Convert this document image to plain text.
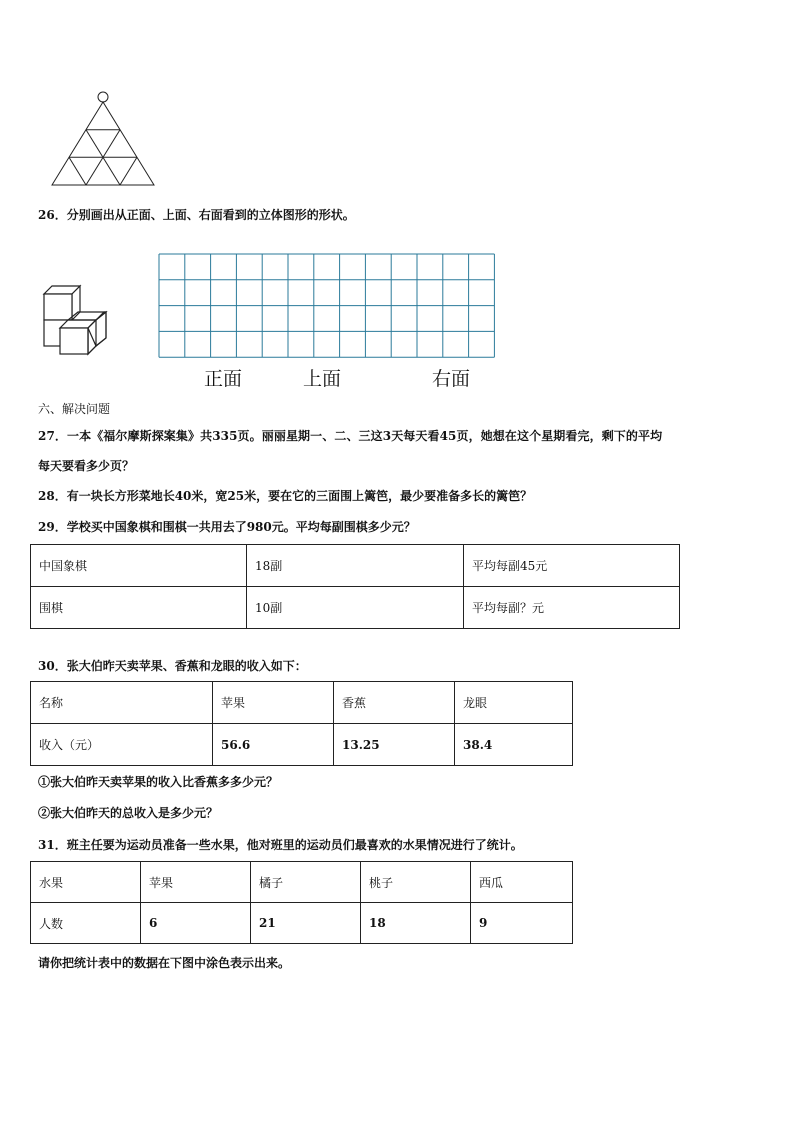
26．分别画出从正面、上面、右面看到的立体图形的形状。
正面	上面	右面
六、解决问题
27．一本《福尔摩斯探案集》共335页。丽丽星期一、二、三这3天每天看45页，她想在这个星期看完，剩下的平均
每天要看多少页？
28．有一块长方形菜地长40米，宽25米，要在它的三面围上篱笆，最少要准备多长的篱笆？
29．学校买中国象棋和围棋一共用去了980元。平均每副围棋多少元？
中国象棋	18副	平均每副45元
围棋	10副	平均每副？元
30．张大伯昨天卖苹果、香蕉和龙眼的收入如下：
名称	苹果	香蕉	龙眼
收入（元）	56.6	13.25	38.4
①张大伯昨天卖苹果的收入比香蕉多多少元？
②张大伯昨天的总收入是多少元？
31．班主任要为运动员准备一些水果，他对班里的运动员们最喜欢的水果情况进行了统计。
水果	苹果	橘子	桃子	西瓜
人数	6	21	18	9
请你把统计表中的数据在下图中涂色表示出来。
